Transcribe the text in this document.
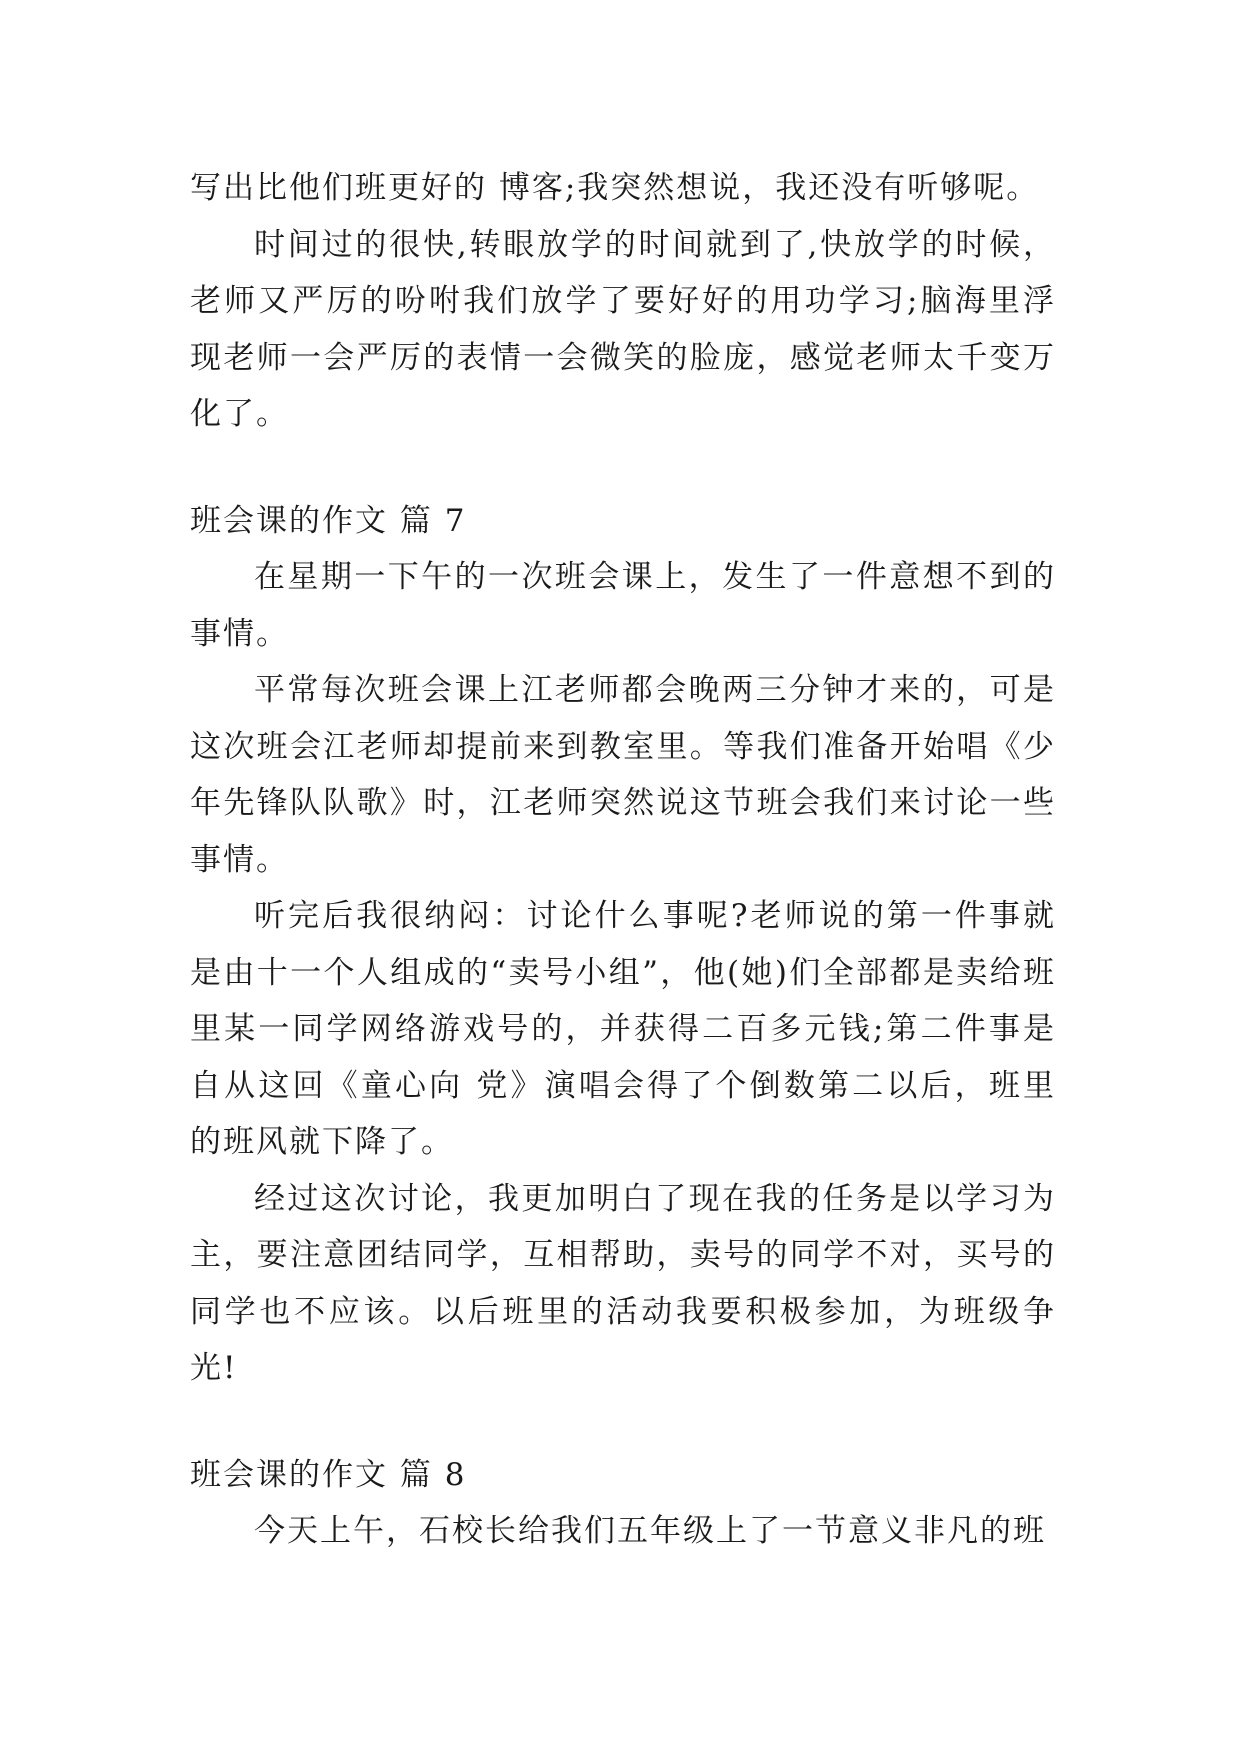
写出比他们班更好的 博客;我突然想说，我还没有听够呢。

时间过的很快,转眼放学的时间就到了,快放学的时候，老师又严厉的吩咐我们放学了要好好的用功学习;脑海里浮现老师一会严厉的表情一会微笑的脸庞，感觉老师太千变万化了。

班会课的作文 篇 7

在星期一下午的一次班会课上，发生了一件意想不到的事情。

平常每次班会课上江老师都会晚两三分钟才来的，可是这次班会江老师却提前来到教室里。等我们准备开始唱《少年先锋队队歌》时，江老师突然说这节班会我们来讨论一些事情。

听完后我很纳闷：讨论什么事呢?老师说的第一件事就是由十一个人组成的“卖号小组”，他(她)们全部都是卖给班里某一同学网络游戏号的，并获得二百多元钱;第二件事是自从这回《童心向 党》演唱会得了个倒数第二以后，班里的班风就下降了。

经过这次讨论，我更加明白了现在我的任务是以学习为主，要注意团结同学，互相帮助，卖号的同学不对，买号的同学也不应该。以后班里的活动我要积极参加，为班级争光!

班会课的作文 篇 8

今天上午，石校长给我们五年级上了一节意义非凡的班
